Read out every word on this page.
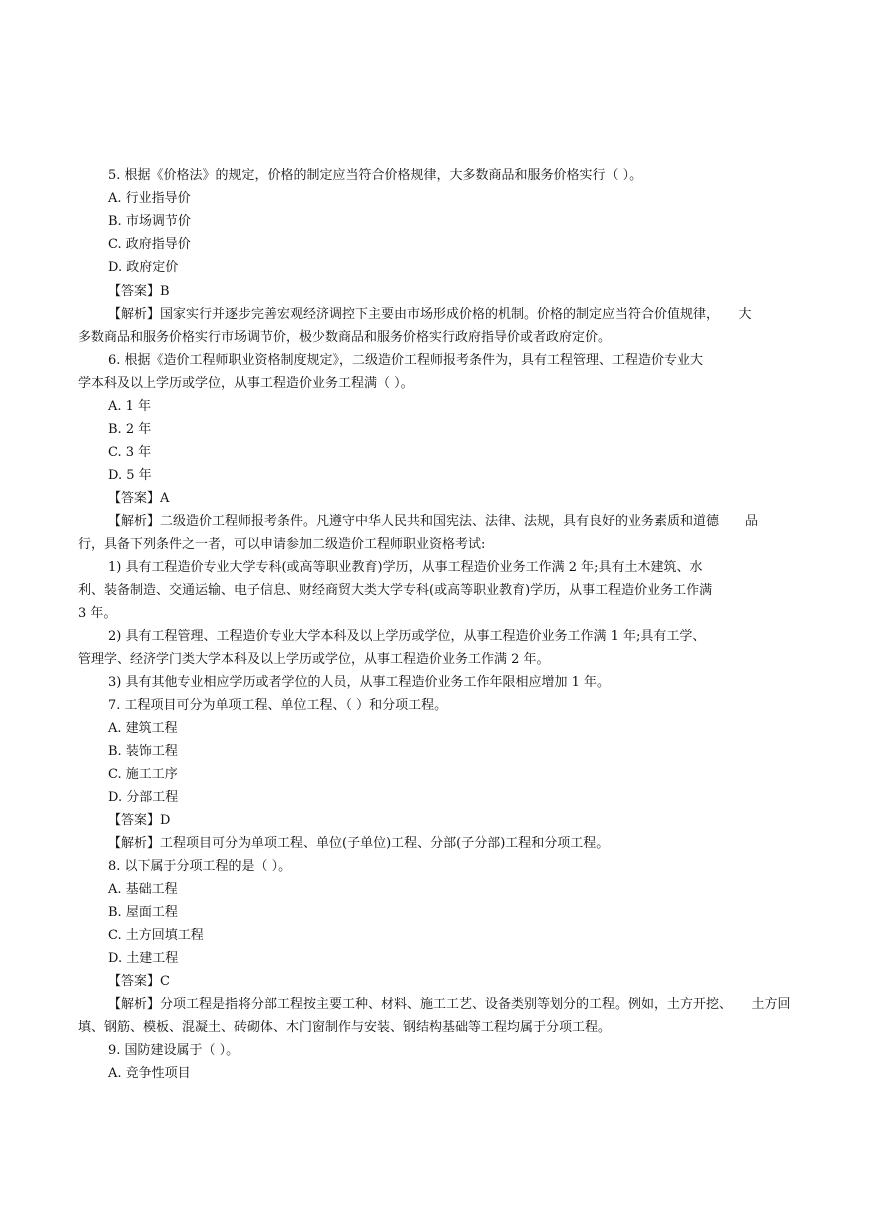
5. 根据《价格法》的规定，价格的制定应当符合价格规律，大多数商品和服务价格实行（ ）。
A. 行业指导价
B. 市场调节价
C. 政府指导价
D. 政府定价
【答案】B
【解析】国家实行并逐步完善宏观经济调控下主要由市场形成价格的机制。价格的制定应当符合价值规律，　　大
多数商品和服务价格实行市场调节价，极少数商品和服务价格实行政府指导价或者政府定价。
6. 根据《造价工程师职业资格制度规定》，二级造价工程师报考条件为，具有工程管理、工程造价专业大
学本科及以上学历或学位，从事工程造价业务工程满（ ）。
A. 1 年
B. 2 年
C. 3 年
D. 5 年
【答案】A
【解析】二级造价工程师报考条件。凡遵守中华人民共和国宪法、法律、法规，具有良好的业务素质和道德　　品
行，具备下列条件之一者，可以申请参加二级造价工程师职业资格考试:
1) 具有工程造价专业大学专科(或高等职业教育)学历，从事工程造价业务工作满 2 年;具有土木建筑、水
利、装备制造、交通运输、电子信息、财经商贸大类大学专科(或高等职业教育)学历，从事工程造价业务工作满
3 年。
2) 具有工程管理、工程造价专业大学本科及以上学历或学位，从事工程造价业务工作满 1 年;具有工学、
管理学、经济学门类大学本科及以上学历或学位，从事工程造价业务工作满 2 年。
3) 具有其他专业相应学历或者学位的人员，从事工程造价业务工作年限相应增加 1 年。
7. 工程项目可分为单项工程、单位工程、（ ）和分项工程。
A. 建筑工程
B. 装饰工程
C. 施工工序
D. 分部工程
【答案】D
【解析】工程项目可分为单项工程、单位(子单位)工程、分部(子分部)工程和分项工程。
8. 以下属于分项工程的是（ ）。
A. 基础工程
B. 屋面工程
C. 土方回填工程
D. 土建工程
【答案】C
【解析】分项工程是指将分部工程按主要工种、材料、施工工艺、设备类别等划分的工程。例如，土方开挖、　　土方回
填、钢筋、模板、混凝土、砖砌体、木门窗制作与安装、钢结构基础等工程均属于分项工程。
9. 国防建设属于（ ）。
A. 竞争性项目
